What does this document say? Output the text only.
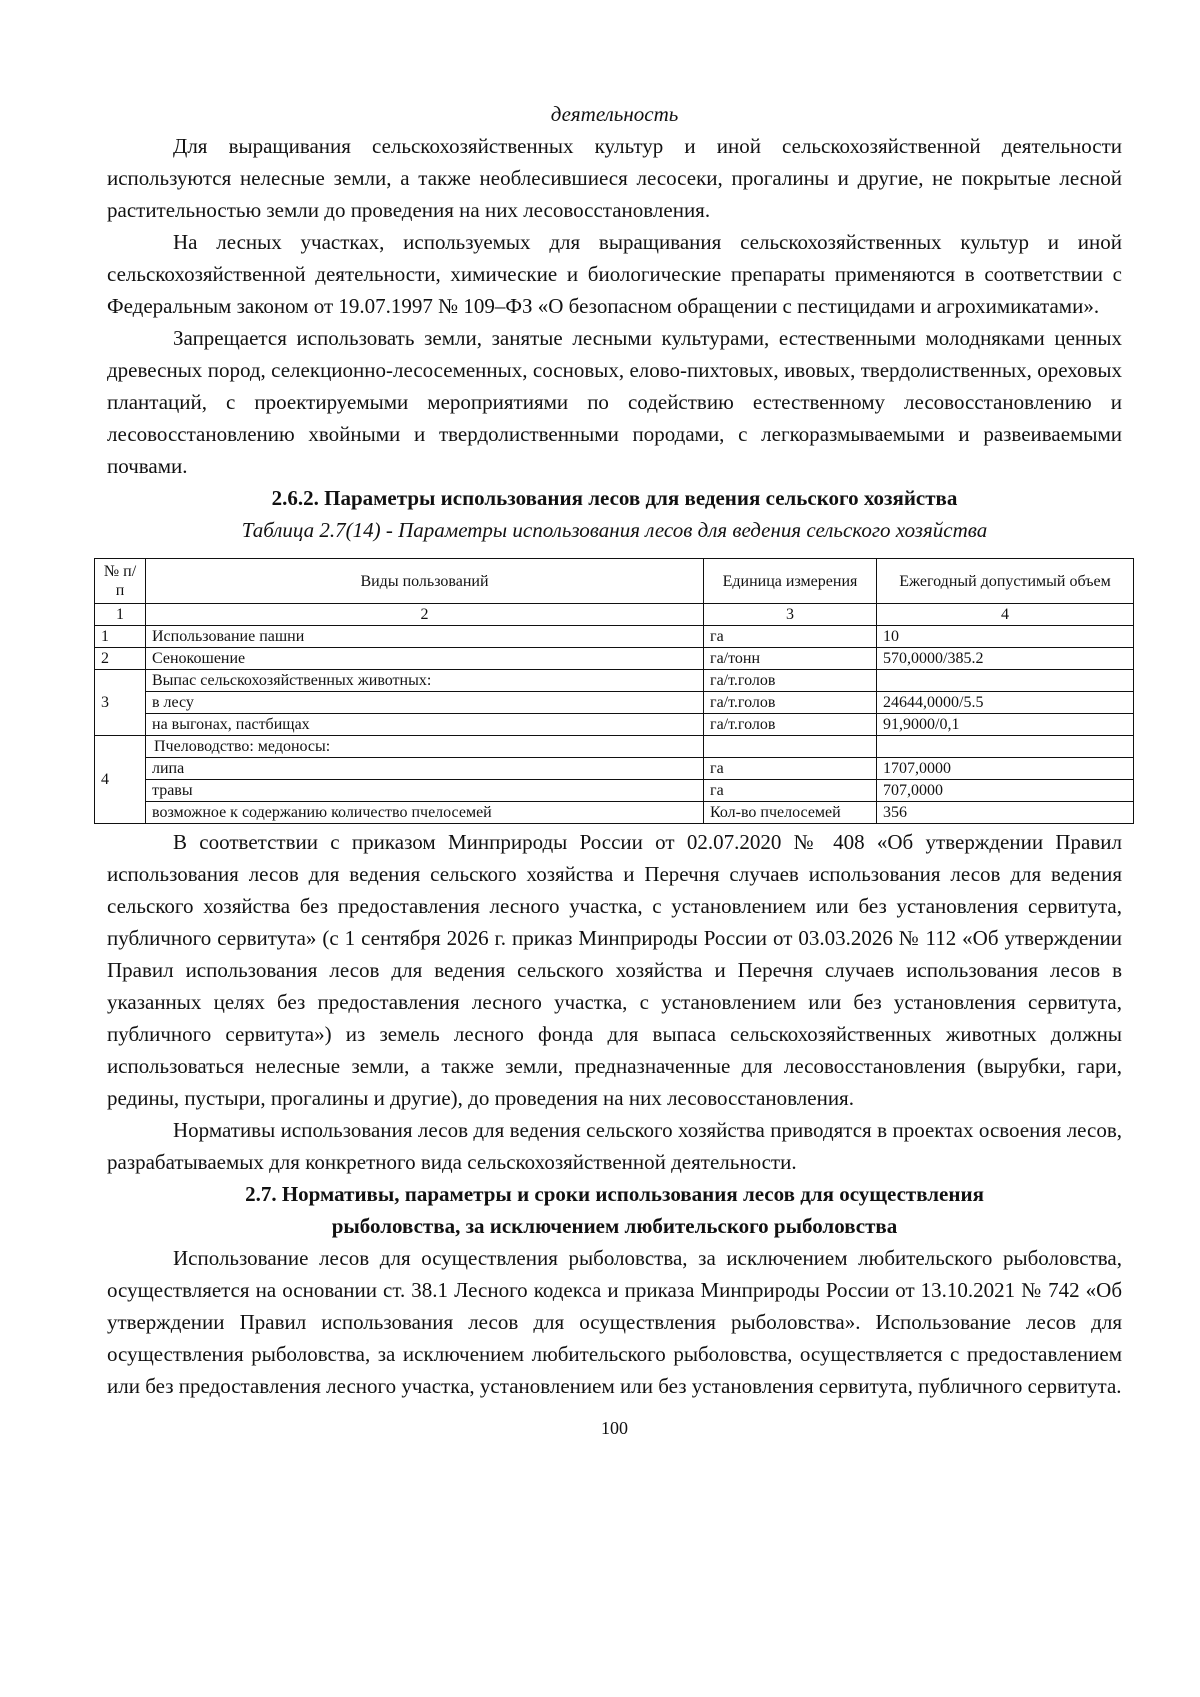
деятельность

Для выращивания сельскохозяйственных культур и иной сельскохозяйственной деятельности используются нелесные земли, а также необлесившиеся лесосеки, прогалины и другие, не покрытые лесной растительностью земли до проведения на них лесовосстановления.

На лесных участках, используемых для выращивания сельскохозяйственных культур и иной сельскохозяйственной деятельности, химические и биологические препараты применяются в соответствии с Федеральным законом от 19.07.1997 № 109–ФЗ «О безопасном обращении с пестицидами и агрохимикатами».

Запрещается использовать земли, занятые лесными культурами, естественными молодняками ценных древесных пород, селекционно-лесосеменных, сосновых, елово-пихтовых, ивовых, твердолиственных, ореховых плантаций, с проектируемыми мероприятиями по содействию естественному лесовосстановлению и лесовосстановлению хвойными и твердолиственными породами, с легкоразмываемыми и развеиваемыми почвами.

2.6.2. Параметры использования лесов для ведения сельского хозяйства

Таблица 2.7(14) - Параметры использования лесов для ведения сельского хозяйства

№ п/п	Виды пользований	Единица измерения	Ежегодный допустимый объем
1	2	3	4
1	Использование пашни	га	10
2	Сенокошение	га/тонн	570,0000/385.2
3	Выпас сельскохозяйственных животных:	га/т.голов	
	в лесу	га/т.голов	24644,0000/5.5
	на выгонах, пастбищах	га/т.голов	91,9000/0,1
4	Пчеловодство: медоносы:		
	липа	га	1707,0000
	травы	га	707,0000
	возможное к содержанию количество пчелосемей	Кол-во пчелосемей	356

В соответствии с приказом Минприроды России от 02.07.2020 № 408 «Об утверждении Правил использования лесов для ведения сельского хозяйства и Перечня случаев использования лесов для ведения сельского хозяйства без предоставления лесного участка, с установлением или без установления сервитута, публичного сервитута» (с 1 сентября 2026 г. приказ Минприроды России от 03.03.2026 № 112 «Об утверждении Правил использования лесов для ведения сельского хозяйства и Перечня случаев использования лесов в указанных целях без предоставления лесного участка, с установлением или без установления сервитута, публичного сервитута») из земель лесного фонда для выпаса сельскохозяйственных животных должны использоваться нелесные земли, а также земли, предназначенные для лесовосстановления (вырубки, гари, редины, пустыри, прогалины и другие), до проведения на них лесовосстановления.

Нормативы использования лесов для ведения сельского хозяйства приводятся в проектах освоения лесов, разрабатываемых для конкретного вида сельскохозяйственной деятельности.

2.7. Нормативы, параметры и сроки использования лесов для осуществления

рыболовства, за исключением любительского рыболовства

Использование лесов для осуществления рыболовства, за исключением любительского рыболовства, осуществляется на основании ст. 38.1 Лесного кодекса и приказа Минприроды России от 13.10.2021 № 742 «Об утверждении Правил использования лесов для осуществления рыболовства». Использование лесов для осуществления рыболовства, за исключением любительского рыболовства, осуществляется с предоставлением или без предоставления лесного участка, установлением или без установления сервитута, публичного сервитута.

100
